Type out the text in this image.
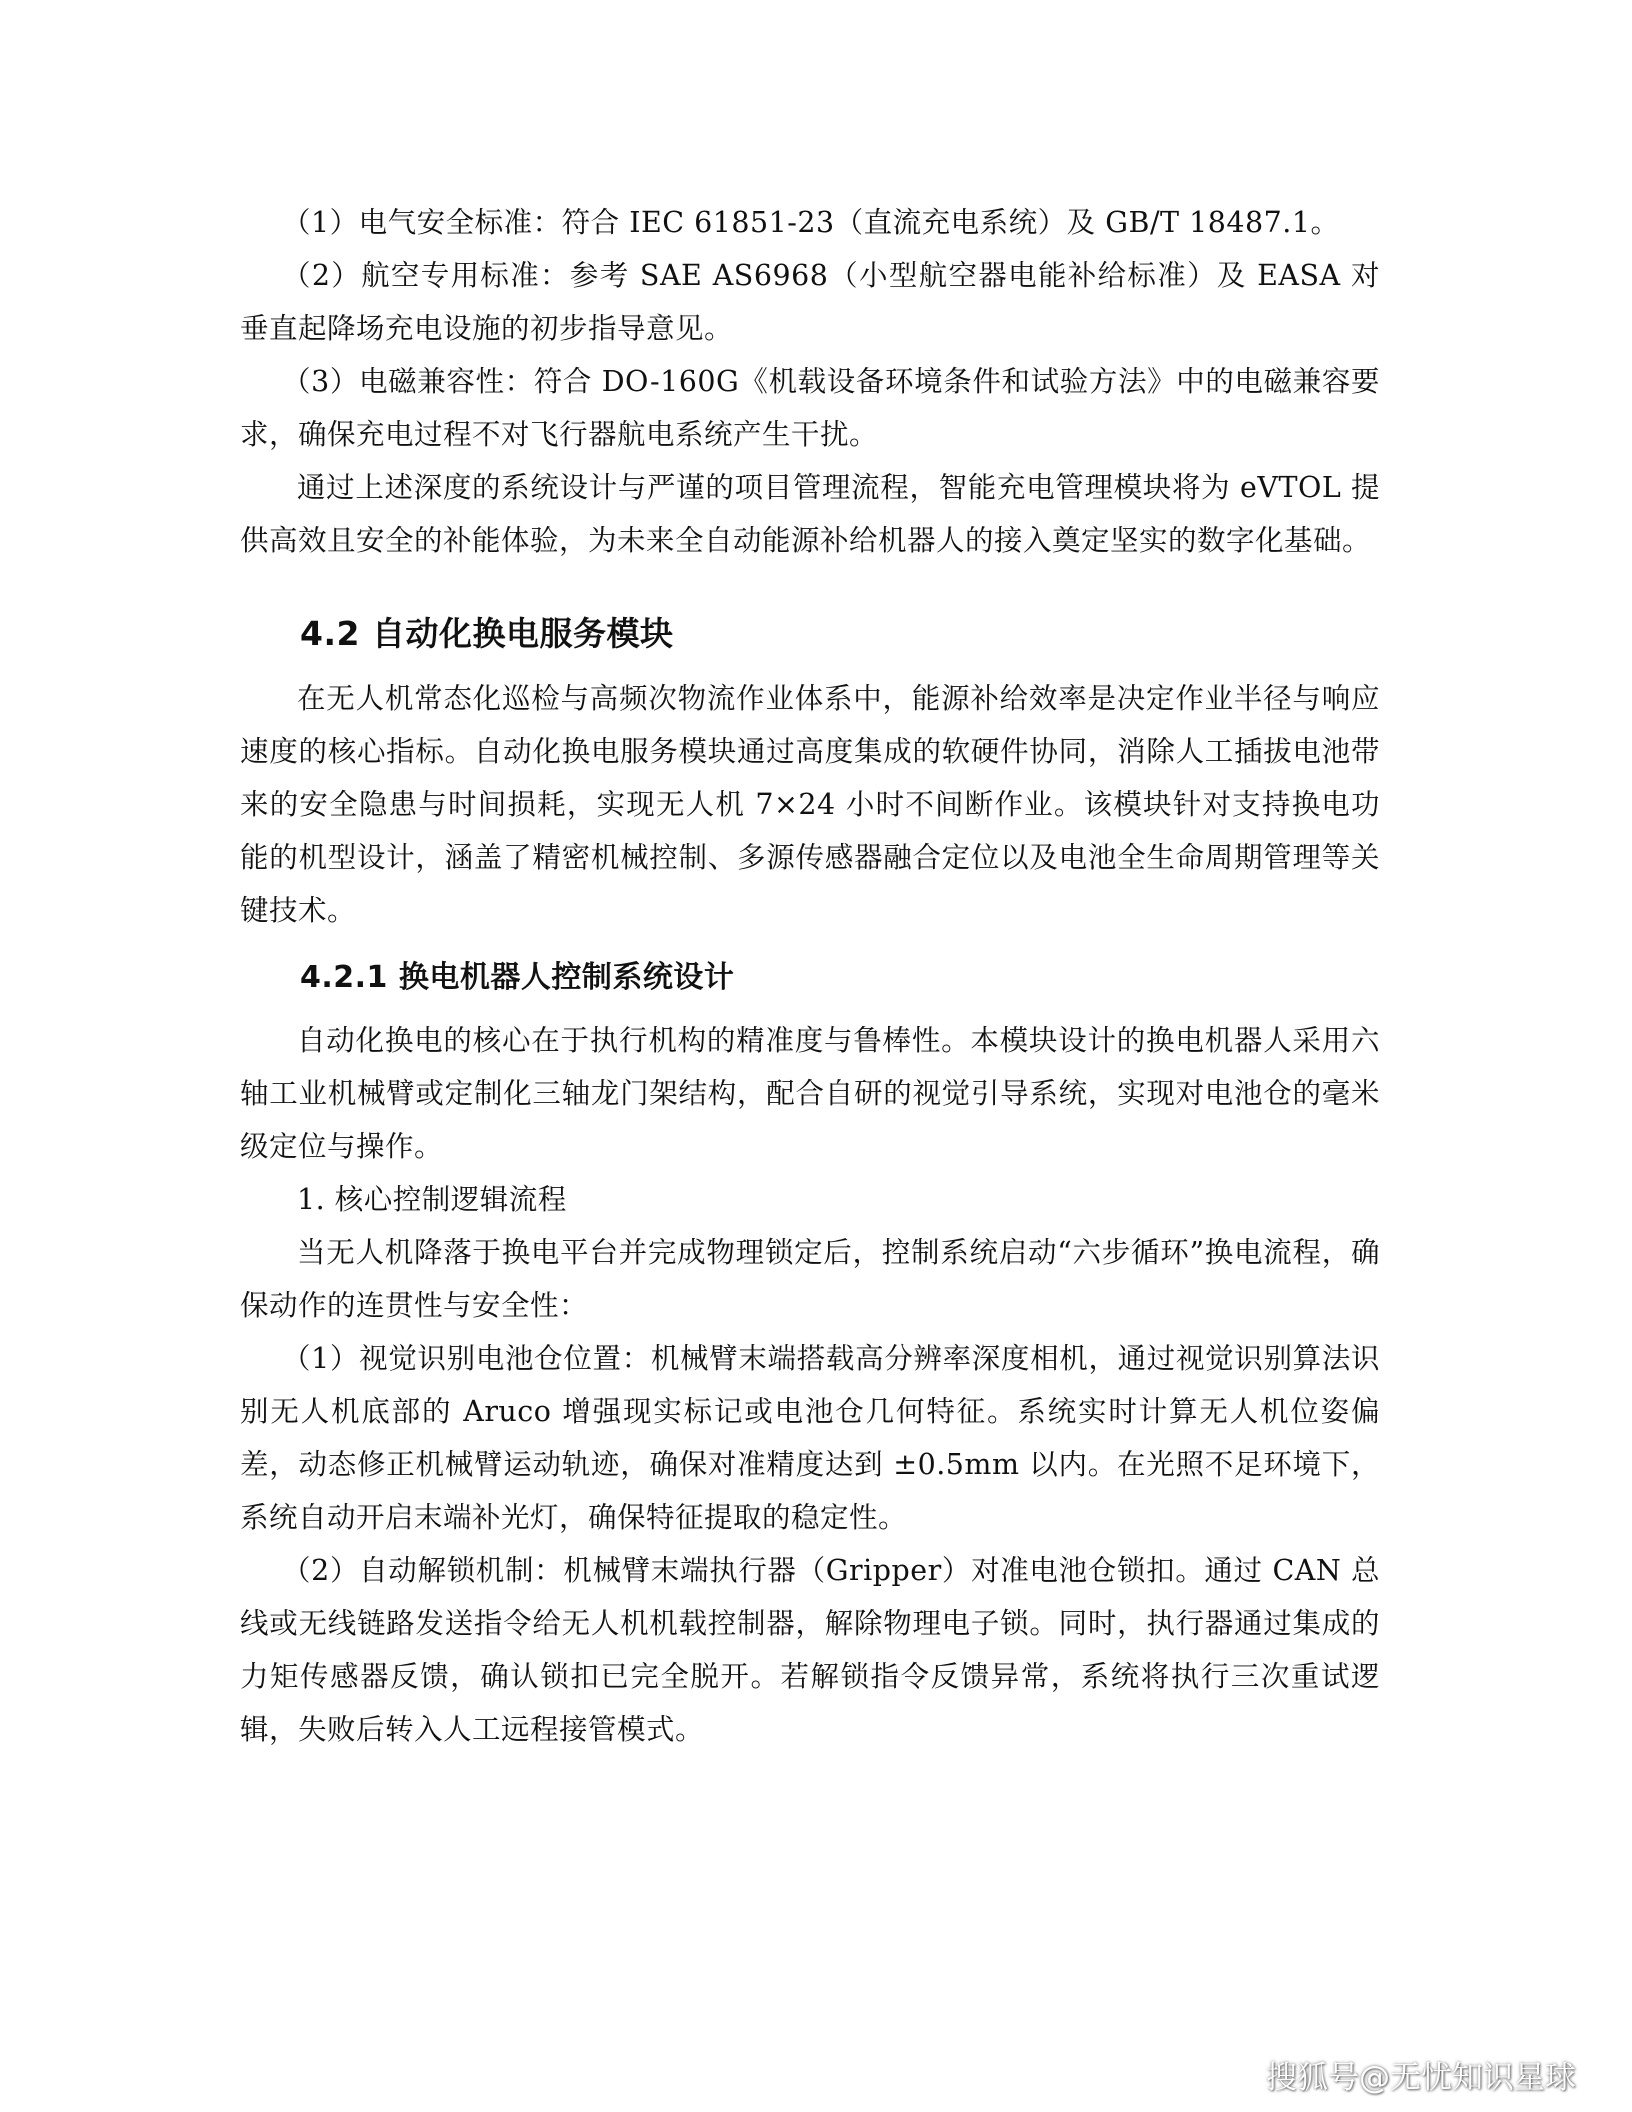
（1）电气安全标准：符合 IEC 61851-23（直流充电系统）及 GB/T 18487.1。

（2）航空专用标准：参考 SAE AS6968（小型航空器电能补给标准）及 EASA 对垂直起降场充电设施的初步指导意见。

（3）电磁兼容性：符合 DO-160G《机载设备环境条件和试验方法》中的电磁兼容要求，确保充电过程不对飞行器航电系统产生干扰。

通过上述深度的系统设计与严谨的项目管理流程，智能充电管理模块将为 eVTOL 提供高效且安全的补能体验，为未来全自动能源补给机器人的接入奠定坚实的数字化基础。

4.2 自动化换电服务模块

在无人机常态化巡检与高频次物流作业体系中，能源补给效率是决定作业半径与响应速度的核心指标。自动化换电服务模块通过高度集成的软硬件协同，消除人工插拔电池带来的安全隐患与时间损耗，实现无人机 7×24 小时不间断作业。该模块针对支持换电功能的机型设计，涵盖了精密机械控制、多源传感器融合定位以及电池全生命周期管理等关键技术。

4.2.1 换电机器人控制系统设计

自动化换电的核心在于执行机构的精准度与鲁棒性。本模块设计的换电机器人采用六轴工业机械臂或定制化三轴龙门架结构，配合自研的视觉引导系统，实现对电池仓的毫米级定位与操作。

1. 核心控制逻辑流程

当无人机降落于换电平台并完成物理锁定后，控制系统启动“六步循环”换电流程，确保动作的连贯性与安全性：

（1）视觉识别电池仓位置：机械臂末端搭载高分辨率深度相机，通过视觉识别算法识别无人机底部的 Aruco 增强现实标记或电池仓几何特征。系统实时计算无人机位姿偏差，动态修正机械臂运动轨迹，确保对准精度达到 ±0.5mm 以内。在光照不足环境下，系统自动开启末端补光灯，确保特征提取的稳定性。

（2）自动解锁机制：机械臂末端执行器（Gripper）对准电池仓锁扣。通过 CAN 总线或无线链路发送指令给无人机机载控制器，解除物理电子锁。同时，执行器通过集成的力矩传感器反馈，确认锁扣已完全脱开。若解锁指令反馈异常，系统将执行三次重试逻辑，失败后转入人工远程接管模式。

搜狐号@无忧知识星球
